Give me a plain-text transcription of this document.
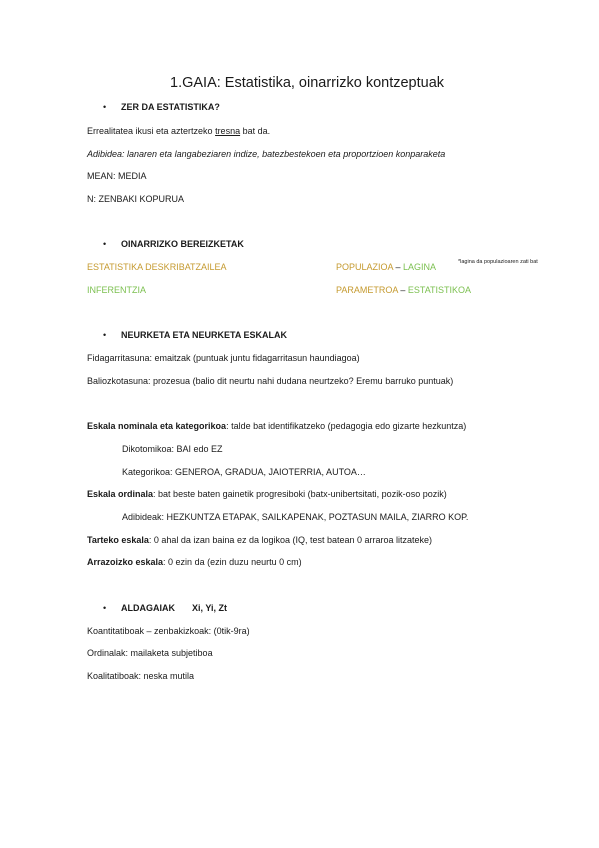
1.GAIA: Estatistika, oinarrizko kontzeptuak
• ZER DA ESTATISTIKA?
Errealitatea ikusi eta aztertzeko tresna bat da.
Adibidea: lanaren eta langabeziaren indize, batezbestekoen eta proportzioen konparaketa
MEAN: MEDIA
N: ZENBAKI KOPURUA
• OINARRIZKO BEREIZKETAK
*lagina da populazioaren zati bat
ESTATISTIKA DESKRIBATZAILEA	POPULAZIOA – LAGINA
INFERENTZIA	PARAMETROA – ESTATISTIKOA
• NEURKETA ETA NEURKETA ESKALAK
Fidagarritasuna: emaitzak (puntuak juntu fidagarritasun haundiagoa)
Baliozkotasuna: prozesua (balio dit neurtu nahi dudana neurtzeko? Eremu barruko puntuak)
Eskala nominala eta kategorikoa: talde bat identifikatzeko (pedagogia edo gizarte hezkuntza)
Dikotomikoa: BAI edo EZ
Kategorikoa: GENEROA, GRADUA, JAIOTERRIA, AUTOA…
Eskala ordinala: bat beste baten gainetik progresiboki (batx-unibertsitati, pozik-oso pozik)
Adibideak: HEZKUNTZA ETAPAK, SAILKAPENAK, POZTASUN MAILA, ZIARRO KOP.
Tarteko eskala: 0 ahal da izan baina ez da logikoa (IQ, test batean 0 arraroa litzateke)
Arrazoizko eskala: 0 ezin da (ezin duzu neurtu 0 cm)
• ALDAGAIAK Xi, Yi, Zt
Koantitatiboak – zenbakizkoak: (0tik-9ra)
Ordinalak: mailaketa subjetiboa
Koalitatiboak: neska mutila
